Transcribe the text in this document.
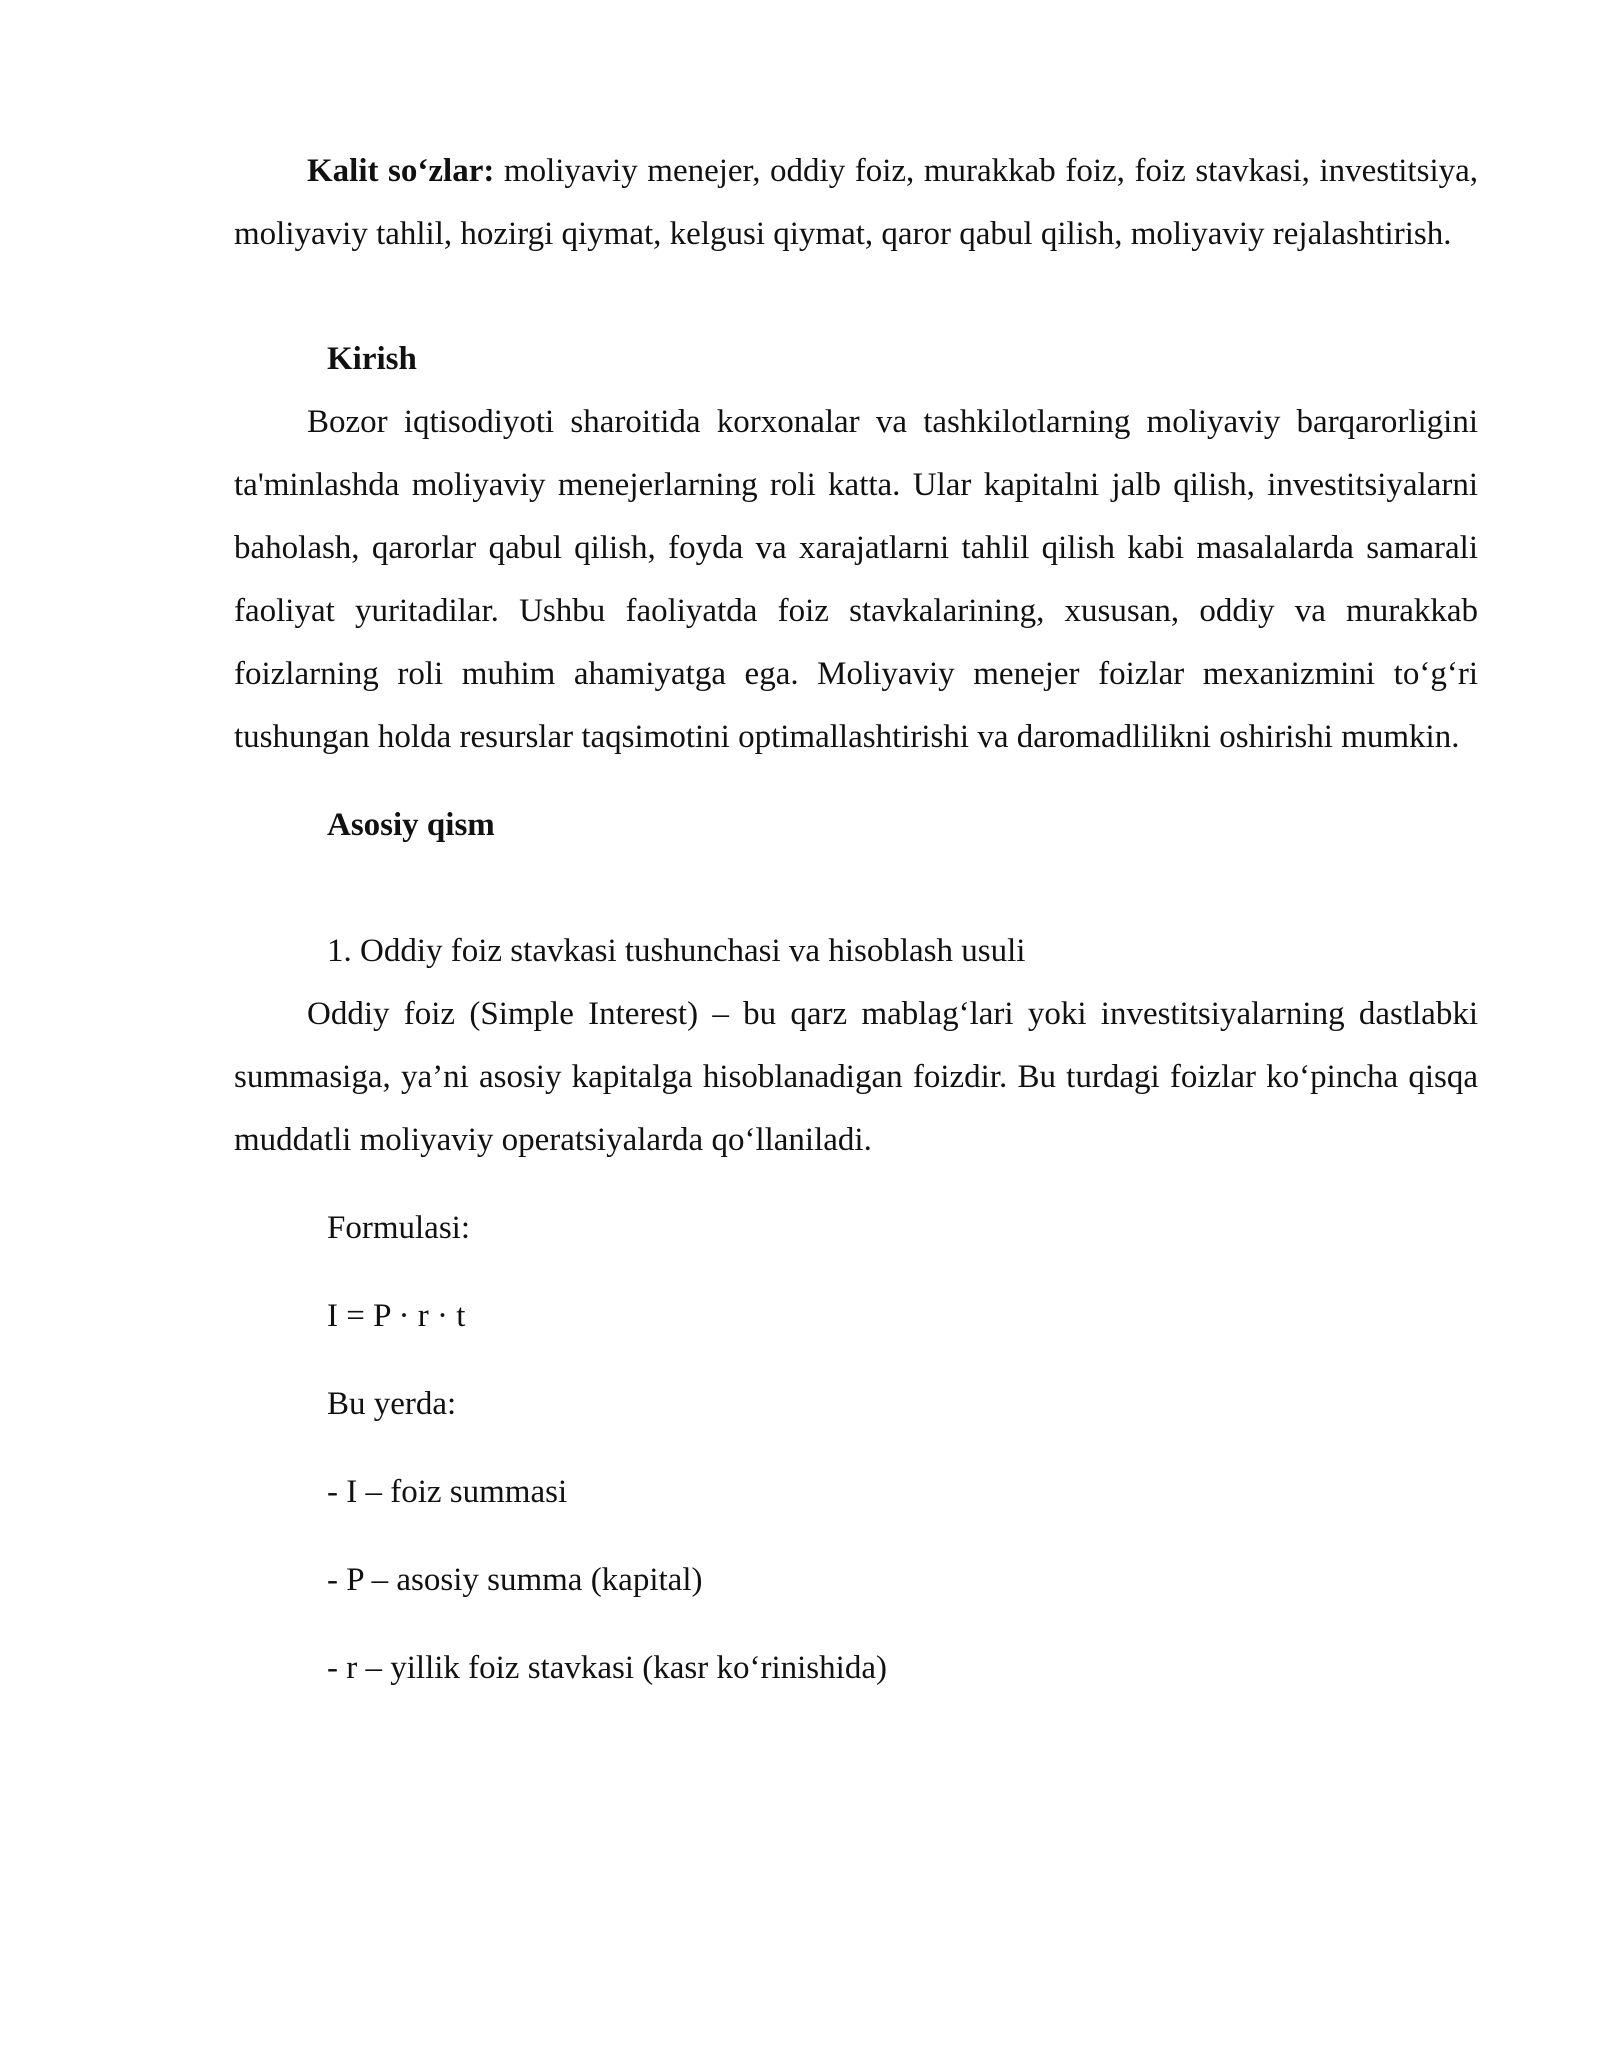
Kalit so‘zlar: moliyaviy menejer, oddiy foiz, murakkab foiz, foiz stavkasi, investitsiya, moliyaviy tahlil, hozirgi qiymat, kelgusi qiymat, qaror qabul qilish, moliyaviy rejalashtirish.

Kirish

Bozor iqtisodiyoti sharoitida korxonalar va tashkilotlarning moliyaviy barqarorligini ta'minlashda moliyaviy menejerlarning roli katta. Ular kapitalni jalb qilish, investitsiyalarni baholash, qarorlar qabul qilish, foyda va xarajatlarni tahlil qilish kabi masalalarda samarali faoliyat yuritadilar. Ushbu faoliyatda foiz stavkalarining, xususan, oddiy va murakkab foizlarning roli muhim ahamiyatga ega. Moliyaviy menejer foizlar mexanizmini to‘g‘ri tushungan holda resurslar taqsimotini optimallashtirishi va daromadlilikni oshirishi mumkin.

Asosiy qism

1. Oddiy foiz stavkasi tushunchasi va hisoblash usuli

Oddiy foiz (Simple Interest) – bu qarz mablag‘lari yoki investitsiyalarning dastlabki summasiga, ya’ni asosiy kapitalga hisoblanadigan foizdir. Bu turdagi foizlar ko‘pincha qisqa muddatli moliyaviy operatsiyalarda qo‘llaniladi.

Formulasi:

I = P · r · t

Bu yerda:

- I – foiz summasi

- P – asosiy summa (kapital)

- r – yillik foiz stavkasi (kasr ko‘rinishida)
